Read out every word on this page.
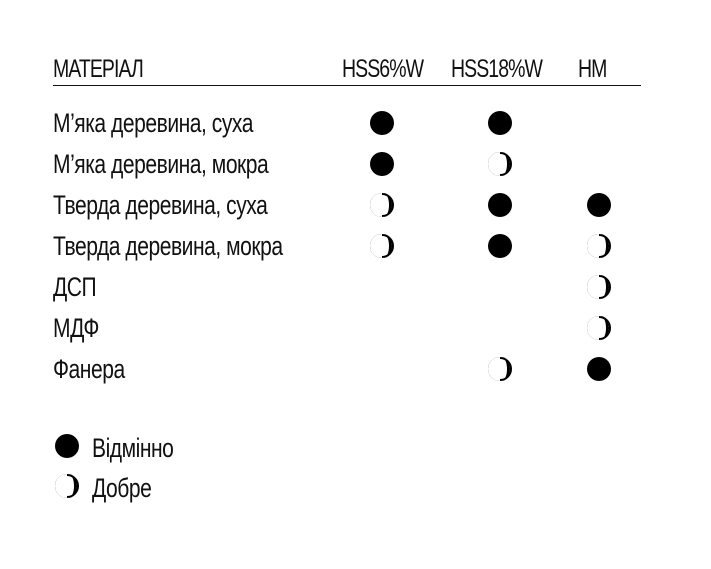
МАТЕРІАЛ	HSS6%W HSS18%W HM
М’яка деревина, суха
М’яка деревина, мокра
Тверда деревина, суха
Тверда деревина, мокра
ДСП
МДФ
Фанера
Відмінно
Добре
